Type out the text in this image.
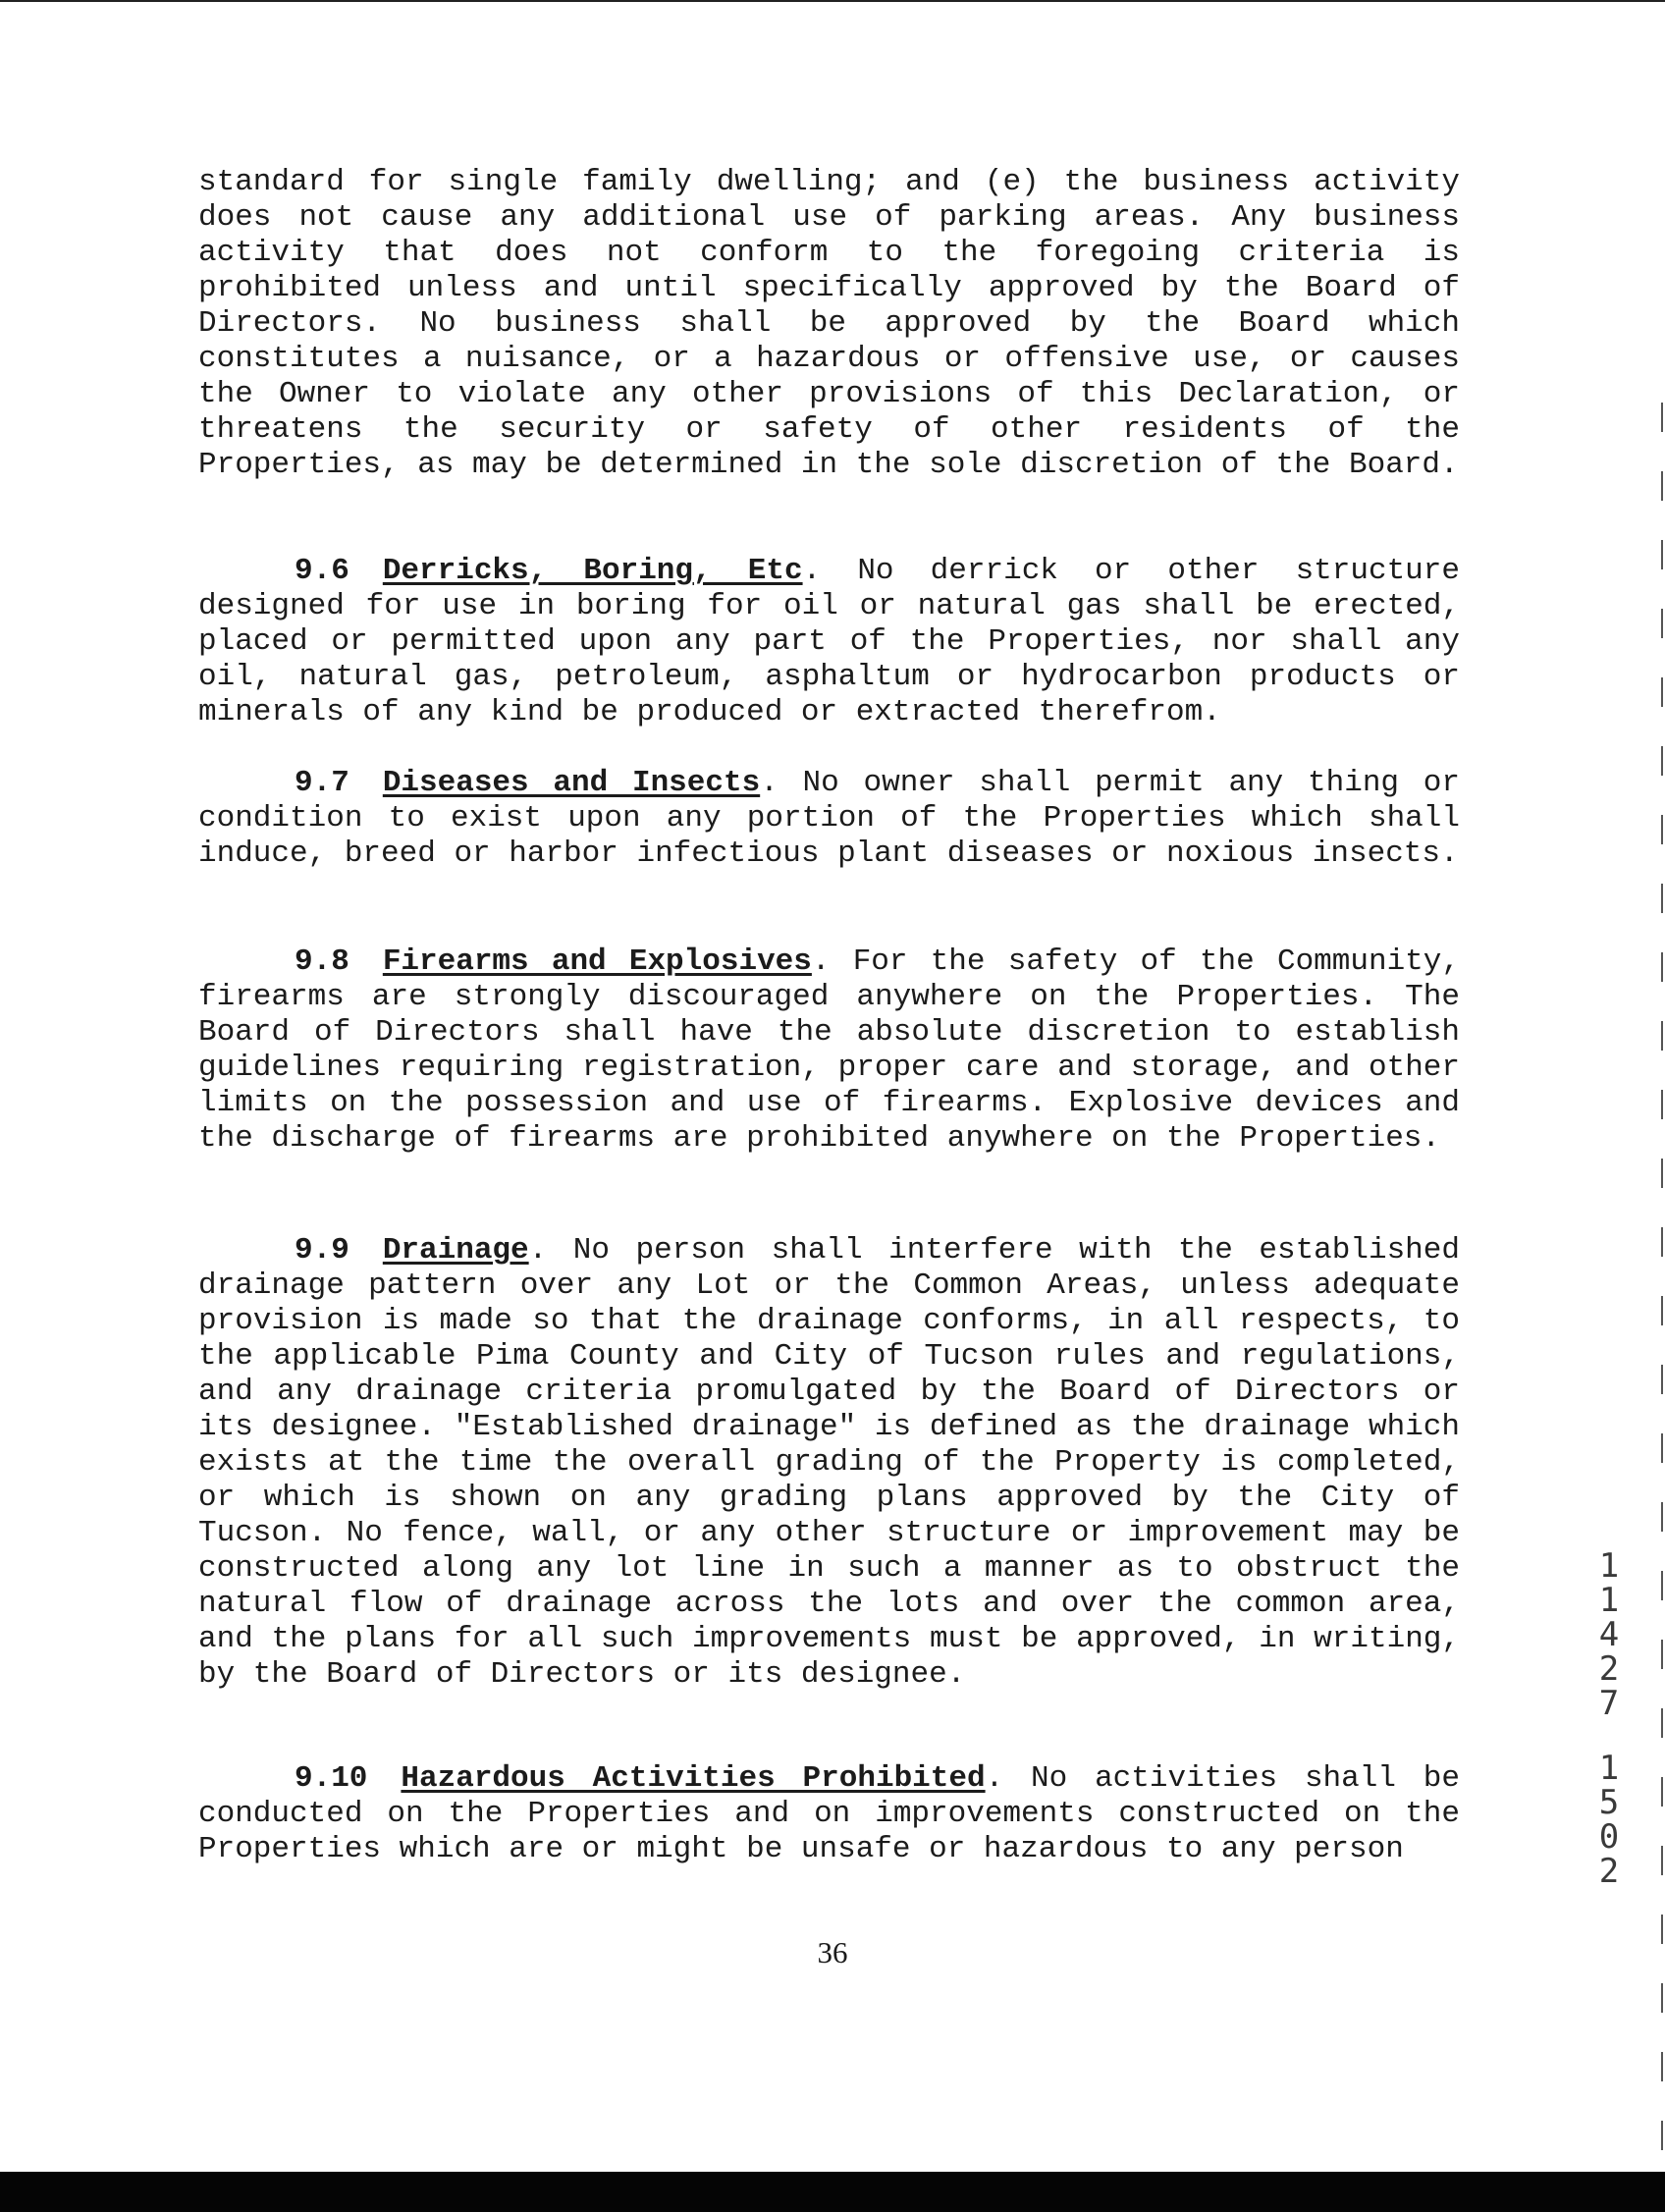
standard for single family dwelling; and (e) the business activity does not cause any additional use of parking areas. Any business activity that does not conform to the foregoing criteria is prohibited unless and until specifically approved by the Board of Directors. No business shall be approved by the Board which constitutes a nuisance, or a hazardous or offensive use, or causes the Owner to violate any other provisions of this Declaration, or threatens the security or safety of other residents of the Properties, as may be determined in the sole discretion of the Board.

9.6 Derricks, Boring, Etc. No derrick or other structure designed for use in boring for oil or natural gas shall be erected, placed or permitted upon any part of the Properties, nor shall any oil, natural gas, petroleum, asphaltum or hydrocarbon products or minerals of any kind be produced or extracted therefrom.

9.7 Diseases and Insects. No owner shall permit any thing or condition to exist upon any portion of the Properties which shall induce, breed or harbor infectious plant diseases or noxious insects.

9.8 Firearms and Explosives. For the safety of the Community, firearms are strongly discouraged anywhere on the Properties. The Board of Directors shall have the absolute discretion to establish guidelines requiring registration, proper care and storage, and other limits on the possession and use of firearms. Explosive devices and the discharge of firearms are prohibited anywhere on the Properties.

9.9 Drainage. No person shall interfere with the established drainage pattern over any Lot or the Common Areas, unless adequate provision is made so that the drainage conforms, in all respects, to the applicable Pima County and City of Tucson rules and regulations, and any drainage criteria promulgated by the Board of Directors or its designee. "Established drainage" is defined as the drainage which exists at the time the overall grading of the Property is completed, or which is shown on any grading plans approved by the City of Tucson. No fence, wall, or any other structure or improvement may be constructed along any lot line in such a manner as to obstruct the natural flow of drainage across the lots and over the common area, and the plans for all such improvements must be approved, in writing, by the Board of Directors or its designee.

9.10 Hazardous Activities Prohibited. No activities shall be conducted on the Properties and on improvements constructed on the Properties which are or might be unsafe or hazardous to any person

36
1
1
4
2
7
1
5
0
2
